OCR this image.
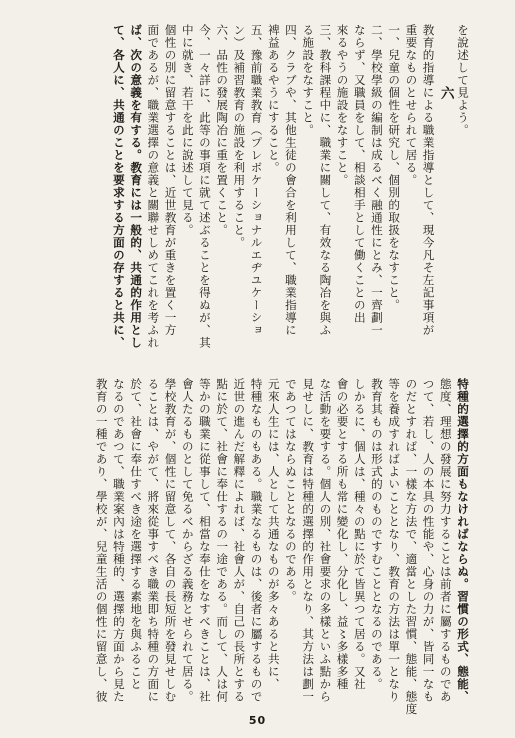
を說述して見よう。
六
教育的指導による職業指導として、現今凡そ左記事項が
重要なものとせられて居る。
一、兒童の個性を研究し、個別的取扱をなすこと。
二、學校學級の編制は成るべく融通性にとみ、一齊劃一
ならず、又職員をして、相談相手として働くことの出
來るやうの施設をなすこと。
三、教科課程中に、職業に關して、有效なる陶冶を與ふ
る施設をなすこと。
四、クラブや、其他生徒の會合を利用して、職業指導に
裨益あるやうにすること。
五、豫前職業教育（プレボケーショナルエヂユケーショ
ン）及補習教育の施設を利用すること。
六、品性の發展陶冶に重を置くこと。
今、一々詳に、此等の事項に就て述ぶることを得ぬが、其
中に就き、若干を此に說述して見る。
個性の別に留意することは、近世教育が重きを置く一方
面であるが、職業選擇の意義と關聯せしめてこれを考ふれ
ば、次の意義を有する。教育には一般的、共通的作用とし
て、各人に、共通のことを要求する方面の存すると共に、
特種的選擇的方面もなければならぬ。習慣の形式、態能、
態度、理想の發展に努力することは前者に屬するものであ
つて、若し、人の本具の性能や、心身の力が、皆同一なも
のだとすれば、一樣な方法で、適當とした習慣、態能、態度
等を養成すればよいこととなり、教育の方法は單一となり
教育其ものは形式的のものですむこととなるのである。
しかるに、個人は、種々の點に於て皆異つて居る。又社
會の必要とする所も常に變化し、分化し、益〻多樣多種
な活動を要する。個人の別、社會要求の多樣といふ點から
見せしに、教育は特種的選擇的作用となり、其方法は劃一
であつてはならぬこととなるのである。
元來人生には、人として共通なものが多々あると共に、
特種なものもある。職業なるものは、後者に屬するもので
近世の進んだ解釋によれば、社會人が、自己の長所とする
點に於て、社會に奉仕するの一途である。而して、人は何
等かの職業に從事して、相當な奉仕をなすべきことは、社
會人たるものとして免るべからざる義務とせられて居る。
學校教育が、個性に留意して、各自の長短所を發見せしむ
ることは、やがて、將來從事すべき職業即ち特種の方面に
於て、社會に奉仕すべき途を選擇する素地を與ふること
なるのであつて、職業案內は特種的、選擇的方面から見た
教育の一種であり、學校が、兒童生活の個性に留意し、彼
50
